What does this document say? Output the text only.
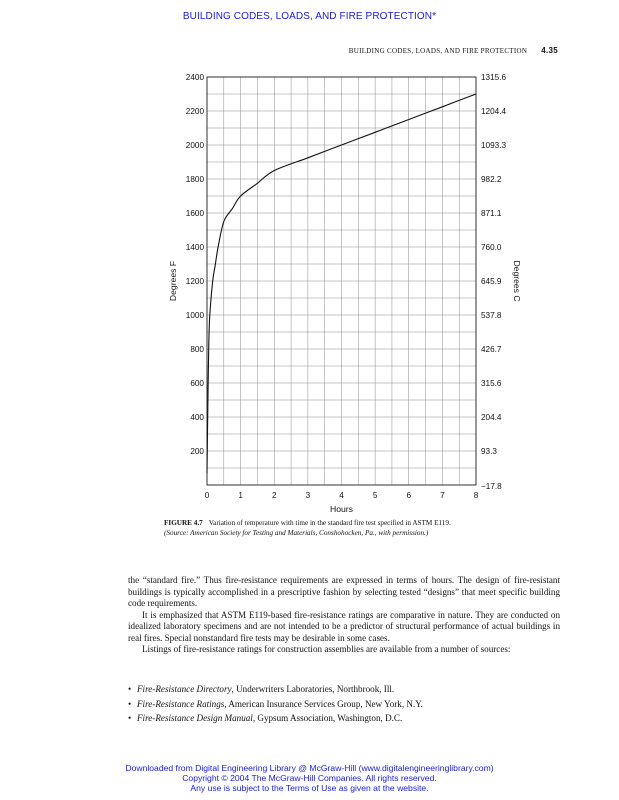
BUILDING CODES, LOADS, AND FIRE PROTECTION*
BUILDING CODES, LOADS, AND FIRE PROTECTION 4.35
200
400
600
800
1000
1200
1400
1600
1800
2000
2200
2400
−17.8
93.3
204.4
315.6
426.7
537.8
645.9
760.0
871.1
982.2
1093.3
1204.4
1315.6
0	1	2	3	4	5	6	7	8
Hours
Degrees F	Degrees C
FIGURE 4.7 Variation of temperature with time in the standard fire test specified in ASTM E119.
(Source: American Society for Testing and Materials, Conshohocken, Pa., with permission.)

the “standard fire.” Thus fire-resistance requirements are expressed in terms of hours. The design of fire-resistant buildings is typically accomplished in a prescriptive fashion by selecting tested “designs” that meet specific building code requirements.

It is emphasized that ASTM E119-based fire-resistance ratings are comparative in nature. They are conducted on idealized laboratory specimens and are not intended to be a predictor of structural performance of actual buildings in real fires. Special nonstandard fire tests may be desirable in some cases.

Listings of fire-resistance ratings for construction assemblies are available from a number of sources:

• Fire-Resistance Directory, Underwriters Laboratories, Northbrook, Ill.
• Fire-Resistance Ratings, American Insurance Services Group, New York, N.Y.
• Fire-Resistance Design Manual, Gypsum Association, Washington, D.C.
Downloaded from Digital Engineering Library @ McGraw-Hill (www.digitalengineeringlibrary.com)
Copyright © 2004 The McGraw-Hill Companies. All rights reserved.
Any use is subject to the Terms of Use as given at the website.
